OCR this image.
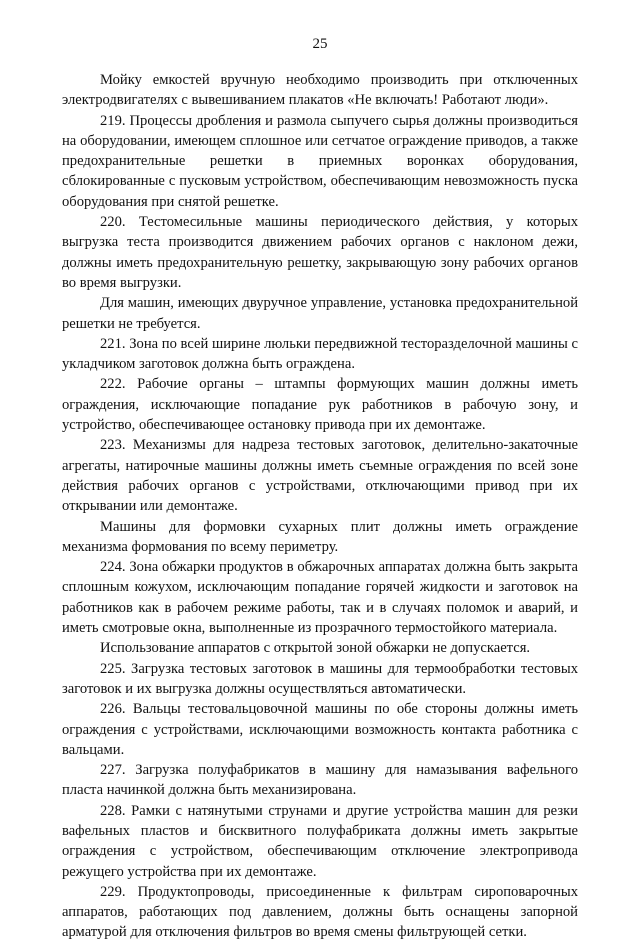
25

Мойку емкостей вручную необходимо производить при отключенных электродвигателях с вывешиванием плакатов «Не включать! Работают люди».

219. Процессы дробления и размола сыпучего сырья должны производиться на оборудовании, имеющем сплошное или сетчатое ограждение приводов, а также предохранительные решетки в приемных воронках оборудования, сблокированные с пусковым устройством, обеспечивающим невозможность пуска оборудования при снятой решетке.

220. Тестомесильные машины периодического действия, у которых выгрузка теста производится движением рабочих органов с наклоном дежи, должны иметь предохранительную решетку, закрывающую зону рабочих органов во время выгрузки.

Для машин, имеющих двуручное управление, установка предохранительной решетки не требуется.

221. Зона по всей ширине люльки передвижной тесторазделочной машины с укладчиком заготовок должна быть ограждена.

222. Рабочие органы – штампы формующих машин должны иметь ограждения, исключающие попадание рук работников в рабочую зону, и устройство, обеспечивающее остановку привода при их демонтаже.

223. Механизмы для надреза тестовых заготовок, делительно-закаточные агрегаты, натирочные машины должны иметь съемные ограждения по всей зоне действия рабочих органов с устройствами, отключающими привод при их открывании или демонтаже.

Машины для формовки сухарных плит должны иметь ограждение механизма формования по всему периметру.

224. Зона обжарки продуктов в обжарочных аппаратах должна быть закрыта сплошным кожухом, исключающим попадание горячей жидкости и заготовок на работников как в рабочем режиме работы, так и в случаях поломок и аварий, и иметь смотровые окна, выполненные из прозрачного термостойкого материала.

Использование аппаратов с открытой зоной обжарки не допускается.

225. Загрузка тестовых заготовок в машины для термообработки тестовых заготовок и их выгрузка должны осуществляться автоматически.

226. Вальцы тестовальцовочной машины по обе стороны должны иметь ограждения с устройствами, исключающими возможность контакта работника с вальцами.

227. Загрузка полуфабрикатов в машину для намазывания вафельного пласта начинкой должна быть механизирована.

228. Рамки с натянутыми струнами и другие устройства машин для резки вафельных пластов и бисквитного полуфабриката должны иметь закрытые ограждения с устройством, обеспечивающим отключение электропривода режущего устройства при их демонтаже.

229. Продуктопроводы, присоединенные к фильтрам сироповарочных аппаратов, работающих под давлением, должны быть оснащены запорной арматурой для отключения фильтров во время смены фильтрующей сетки.
